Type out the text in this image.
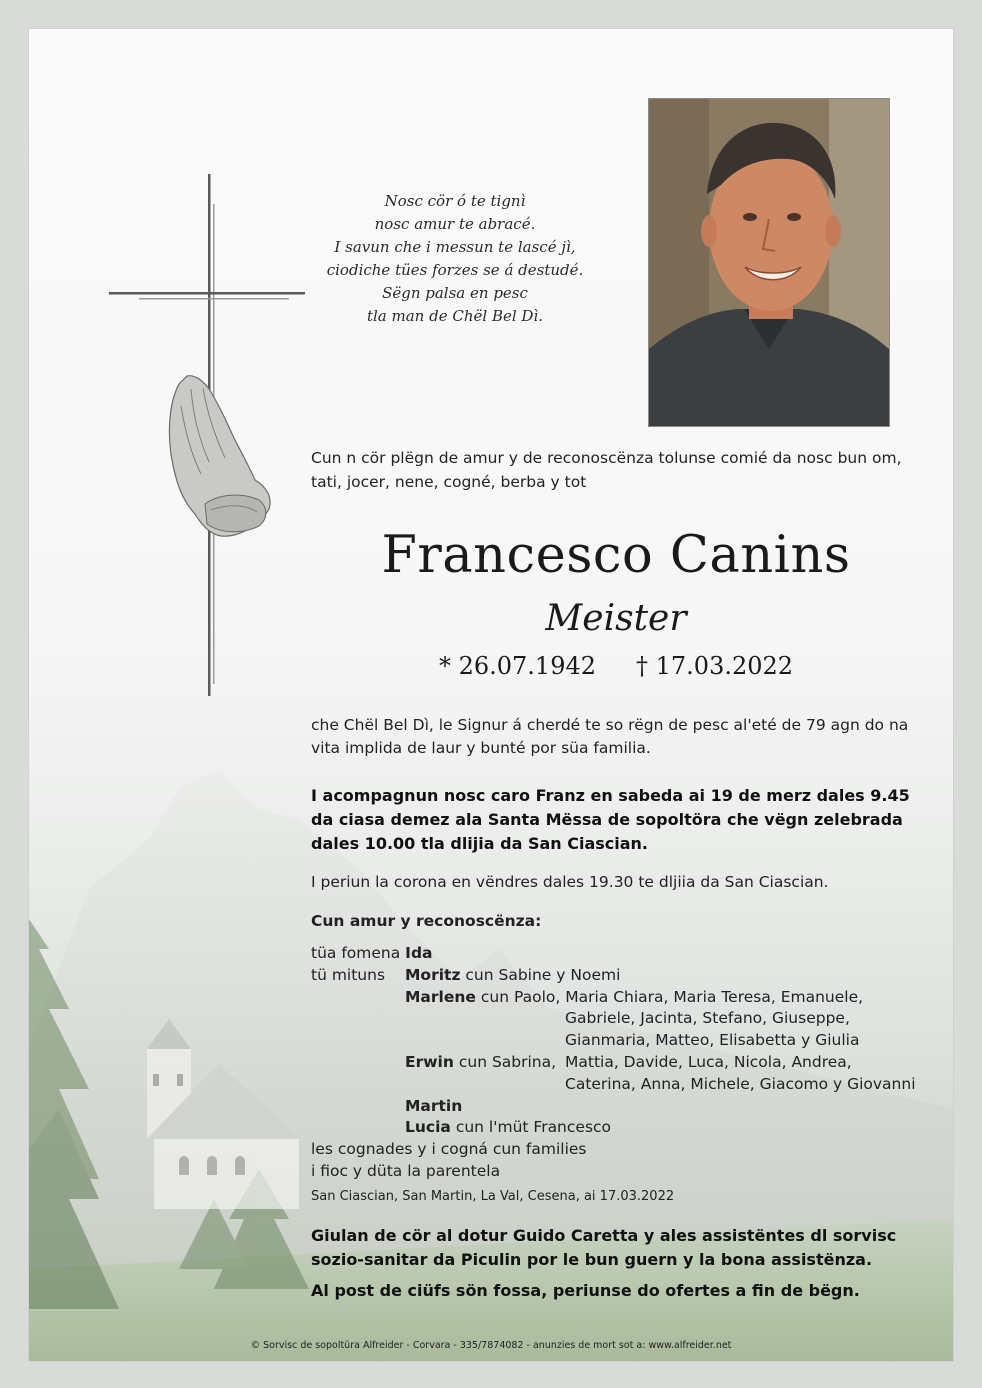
Nosc cör ó te tignì
nosc amur te abracé.
I savun che i messun te lascé jì,
ciodiche tües forzes se á destudé.
Sëgn palsa en pesc
tla man de Chël Bel Dì.
Cun n cör plëgn de amur y de reconoscënza tolunse comié da nosc bun om, tati, jocer, nene, cogné, berba y tot
Francesco Canins
Meister
* 26.07.1942 † 17.03.2022
che Chël Bel Dì, le Signur á cherdé te so rëgn de pesc al'eté de 79 agn do na vita implida de laur y bunté por süa familia.
I acompagnun nosc caro Franz en sabeda ai 19 de merz dales 9.45 da ciasa demez ala Santa Mëssa de sopoltöra che vëgn zelebrada dales 10.00 tla dlijia da San Ciascian.
I periun la corona en vëndres dales 19.30 te dljiia da San Ciascian.
Cun amur y reconoscënza:
tüa fomena Ida
tü mituns Moritz cun Sabine y Noemi
Marlene cun Paolo, Maria Chiara, Maria Teresa, Emanuele,
Gabriele, Jacinta, Stefano, Giuseppe,
Gianmaria, Matteo, Elisabetta y Giulia
Erwin cun Sabrina, Mattia, Davide, Luca, Nicola, Andrea,
Caterina, Anna, Michele, Giacomo y Giovanni
Martin
Lucia cun l'müt Francesco
les cognades y i cogná cun families
i fioc y düta la parentela
San Ciascian, San Martin, La Val, Cesena, ai 17.03.2022
Giulan de cör al dotur Guido Caretta y ales assistëntes dl sorvisc sozio-sanitar da Piculin por le bun guern y la bona assistënza.
Al post de ciüfs sön fossa, periunse do ofertes a fin de bëgn.
© Sorvisc de sopoltüra Alfreider - Corvara - 335/7874082 - anunzies de mort sot a: www.alfreider.net
